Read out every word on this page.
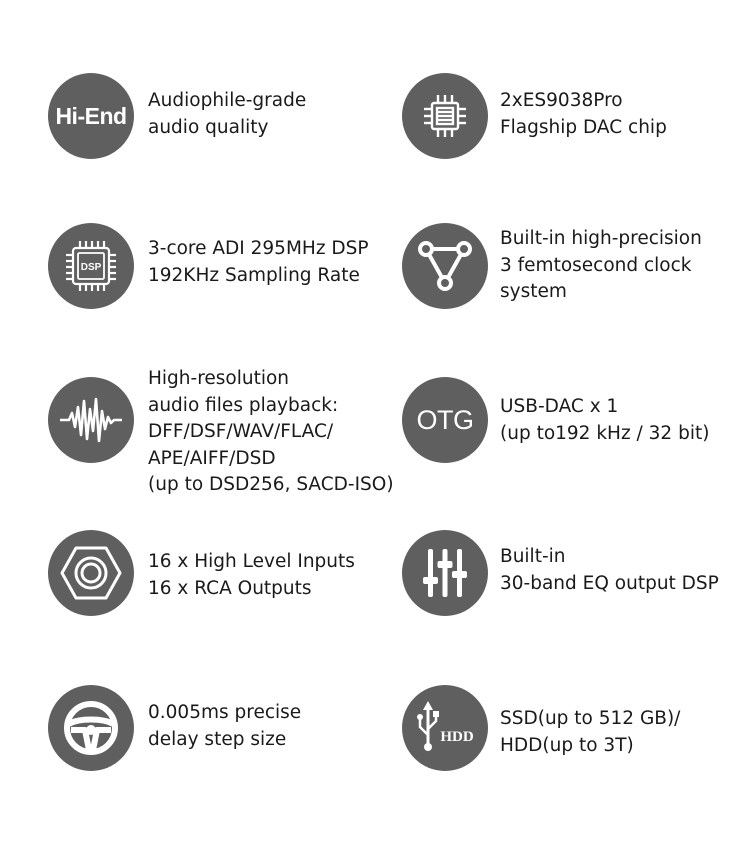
Hi-End
Audiophile-grade
audio quality
2xES9038Pro
Flagship DAC chip
DSP
3-core ADI 295MHz DSP
192KHz Sampling Rate
Built-in high-precision
3 femtosecond clock
system
High-resolution
audio files playback:
DFF/DSF/WAV/FLAC/
APE/AIFF/DSD
(up to DSD256, SACD-ISO)
OTG USB-DAC x 1
(up to192 kHz / 32 bit)
16 x High Level Inputs
16 x RCA Outputs
Built-in
30-band EQ output DSP
0.005ms precise
delay step size	HDD
SSD(up to 512 GB)/
HDD(up to 3T)
